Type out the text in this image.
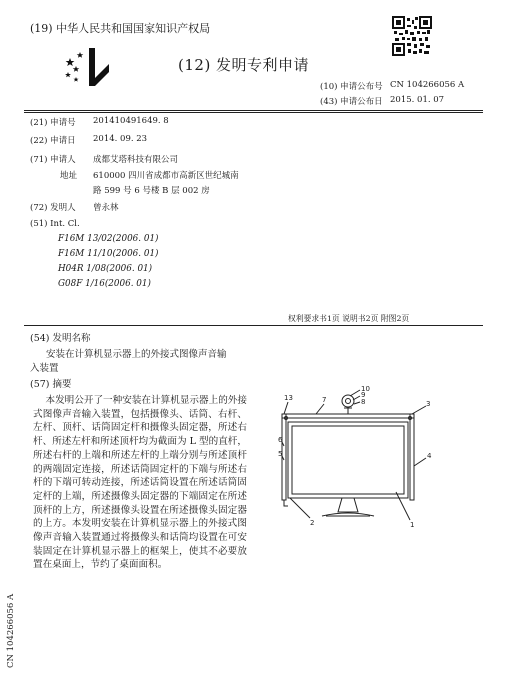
(19) 中华人民共和国国家知识产权局
(12) 发明专利申请
(10) 申请公布号 CN 104266056 A
(43) 申请公布日 2015. 01. 07
(21) 申请号 201410491649. 8
(22) 申请日 2014. 09. 23
(71) 申请人 成都艾塔科技有限公司
地址 610000 四川省成都市高新区世纪城南
路 599 号 6 号楼 B 层 002 房
(72) 发明人 曾永林
(51) Int. Cl.
F16M 13/02(2006. 01)
F16M 11/10(2006. 01)
H04R 1/08(2006. 01)
G08F 1/16(2006. 01)
权利要求书1页 说明书2页 附图2页
(54) 发明名称
安装在计算机显示器上的外接式图像声音输
入装置
(57) 摘要
本发明公开了一种安装在计算机显示器上的外接式图像声音输入装置，包括摄像头、话筒、右杆、左杆、顶杆、话筒固定杆和摄像头固定器，所述右杆、所述左杆和所述顶杆均为截面为 L 型的直杆，所述右杆的上端和所述左杆的上端分别与所述顶杆的两端固定连接，所述话筒固定杆的下端与所述右杆的下端可转动连接，所述话筒设置在所述话筒固定杆的上端，所述摄像头固定器的下端固定在所述顶杆的上方，所述摄像头设置在所述摄像头固定器的上方。本发明安装在计算机显示器上的外接式图像声音输入装置通过将摄像头和话筒均设置在可安装固定在计算机显示器上的框架上，使其不必要放置在桌面上，节约了桌面面积。
10
9
8
7	3
13
6
5	4
2	1
CN 104266056 A
